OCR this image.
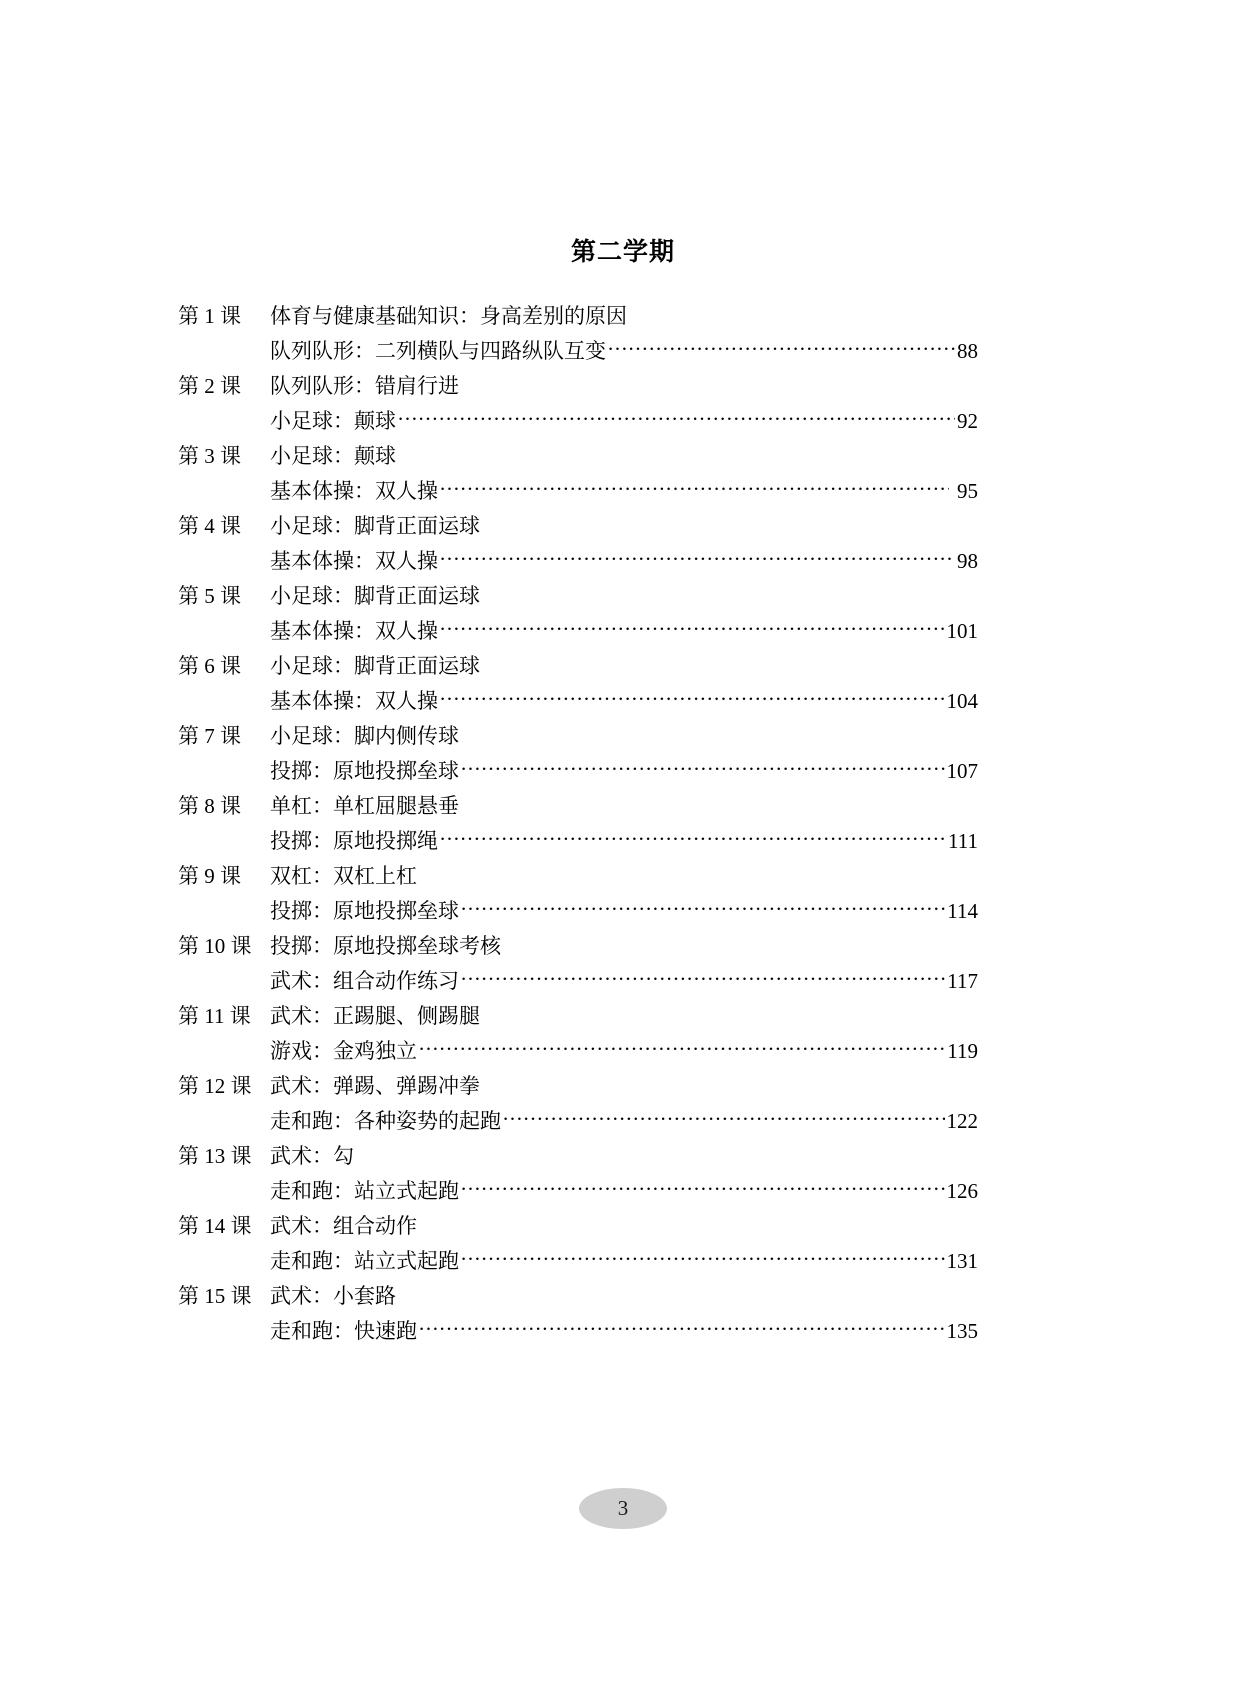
第二学期
第 1 课	体育与健康基础知识：身高差别的原因
队列队形：二列横队与四路纵队互变 .....	88
第 2 课	队列队形：错肩行进
小足球：颠球 .....	92
第 3 课	小足球：颠球
基本体操：双人操 .....	95
第 4 课	小足球：脚背正面运球
基本体操：双人操 .....	98
第 5 课	小足球：脚背正面运球
基本体操：双人操 .....	101
第 6 课	小足球：脚背正面运球
基本体操：双人操 .....	104
第 7 课	小足球：脚内侧传球
投掷：原地投掷垒球 .....	107
第 8 课	单杠：单杠屈腿悬垂
投掷：原地投掷绳 .....	111
第 9 课	双杠：双杠上杠
投掷：原地投掷垒球 .....	114
第 10 课 投掷：原地投掷垒球考核
武术：组合动作练习 .....	117
第 11 课 武术：正踢腿、侧踢腿
游戏：金鸡独立 .....	119
第 12 课 武术：弹踢、弹踢冲拳
走和跑：各种姿势的起跑 .....	122
第 13 课 武术：勾
走和跑：站立式起跑 .....	126
第 14 课 武术：组合动作
走和跑：站立式起跑 .....	131
第 15 课 武术：小套路
走和跑：快速跑 .....	135
3
